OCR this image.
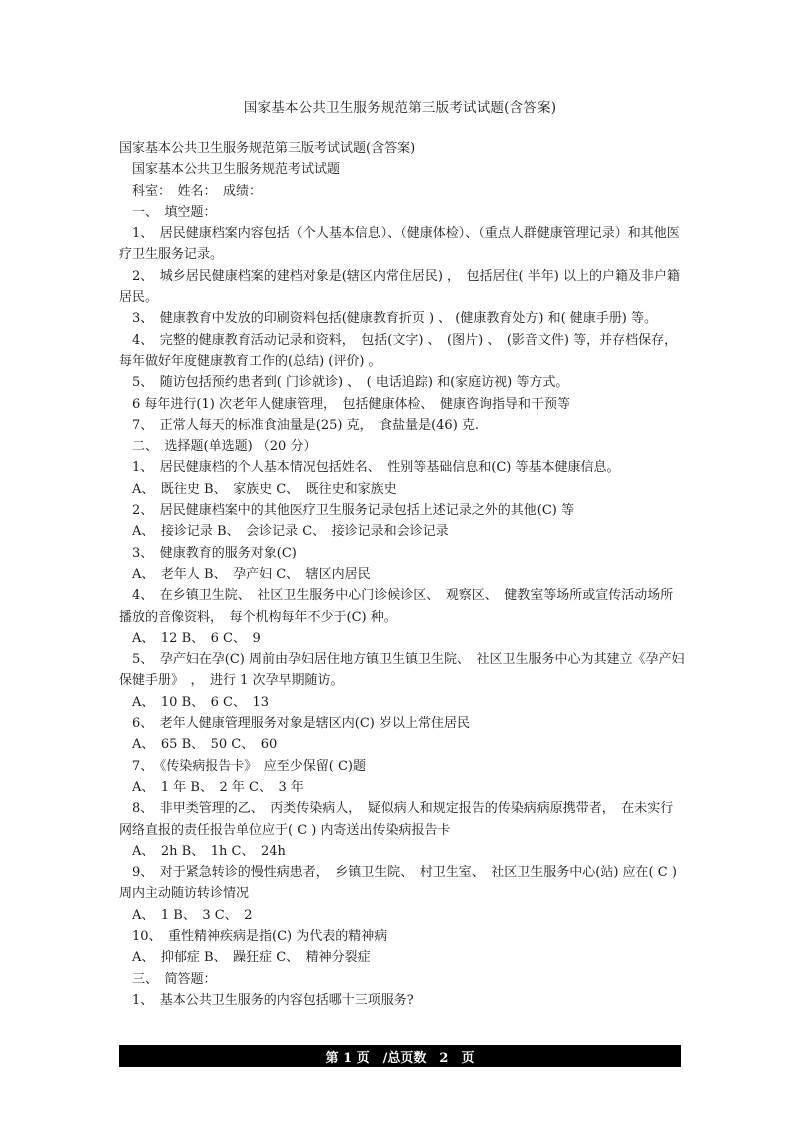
国家基本公共卫生服务规范第三版考试试题(含答案)

国家基本公共卫生服务规范第三版考试试题(含答案)

　国家基本公共卫生服务规范考试试题

　科室：　姓名：　成绩：

　一、　填空题：

　1、　居民健康档案内容包括（个人基本信息）、（健康体检）、（重点人群健康管理记录）和其他医疗卫生服务记录。

　2、　城乡居民健康档案的建档对象是(辖区内常住居民) ，　包括居住( 半年) 以上的户籍及非户籍居民。

　3、　健康教育中发放的印刷资料包括(健康教育折页 ) 、 (健康教育处方) 和( 健康手册) 等。

　4、　完整的健康教育活动记录和资料，　包括(文字) 、　(图片) 、　(影音文件) 等，并存档保存，　每年做好年度健康教育工作的(总结) (评价) 。

　5、　随访包括预约患者到( 门诊就诊) 、　( 电话追踪) 和(家庭访视) 等方式。

　6 每年进行(1) 次老年人健康管理，　包括健康体检、　健康咨询指导和干预等

　7、　正常人每天的标准食油量是(25) 克，　食盐量是(46) 克.

　二、　选择题(单选题) （20 分）

　1、　居民健康档的个人基本情况包括姓名、　性别等基础信息和(C) 等基本健康信息。

　A、　既往史 B、　家族史 C、　既往史和家族史

　2、　居民健康档案中的其他医疗卫生服务记录包括上述记录之外的其他(C) 等

　A、　接诊记录 B、　会诊记录 C、　接诊记录和会诊记录

　3、　健康教育的服务对象(C)

　A、　老年人 B、　孕产妇 C、　辖区内居民

　4、　在乡镇卫生院、　社区卫生服务中心门诊候诊区、　观察区、　健教室等场所或宣传活动场所播放的音像资料，　每个机构每年不少于(C) 种。

　A、　12 B、　6 C、　9

　5、　孕产妇在孕(C) 周前由孕妇居住地方镇卫生镇卫生院、　社区卫生服务中心为其建立《孕产妇保健手册》　，　进行 1 次孕早期随访。

　A、　10 B、　6 C、　13

　6、　老年人健康管理服务对象是辖区内(C) 岁以上常住居民

　A、　65 B、　50 C、　60

　7、　《传染病报告卡》　应至少保留( C)题

　A、　1 年 B、　2 年 C、　3 年

　8、　非甲类管理的乙、　丙类传染病人，　疑似病人和规定报告的传染病病原携带者，　在未实行网络直报的责任报告单位应于( C ) 内寄送出传染病报告卡

　A、　2h B、　1h C、　24h

　9、　对于紧急转诊的慢性病患者，　乡镇卫生院、　村卫生室、　社区卫生服务中心(站) 应在( C ) 周内主动随访转诊情况

　A、　1 B、　3 C、　2

　10、　重性精神疾病是指(C) 为代表的精神病

　A、　抑郁症 B、　躁狂症 C、　精神分裂症

　三、　简答题：

　1、　基本公共卫生服务的内容包括哪十三项服务?

第 1 页　/总页数　2　页
